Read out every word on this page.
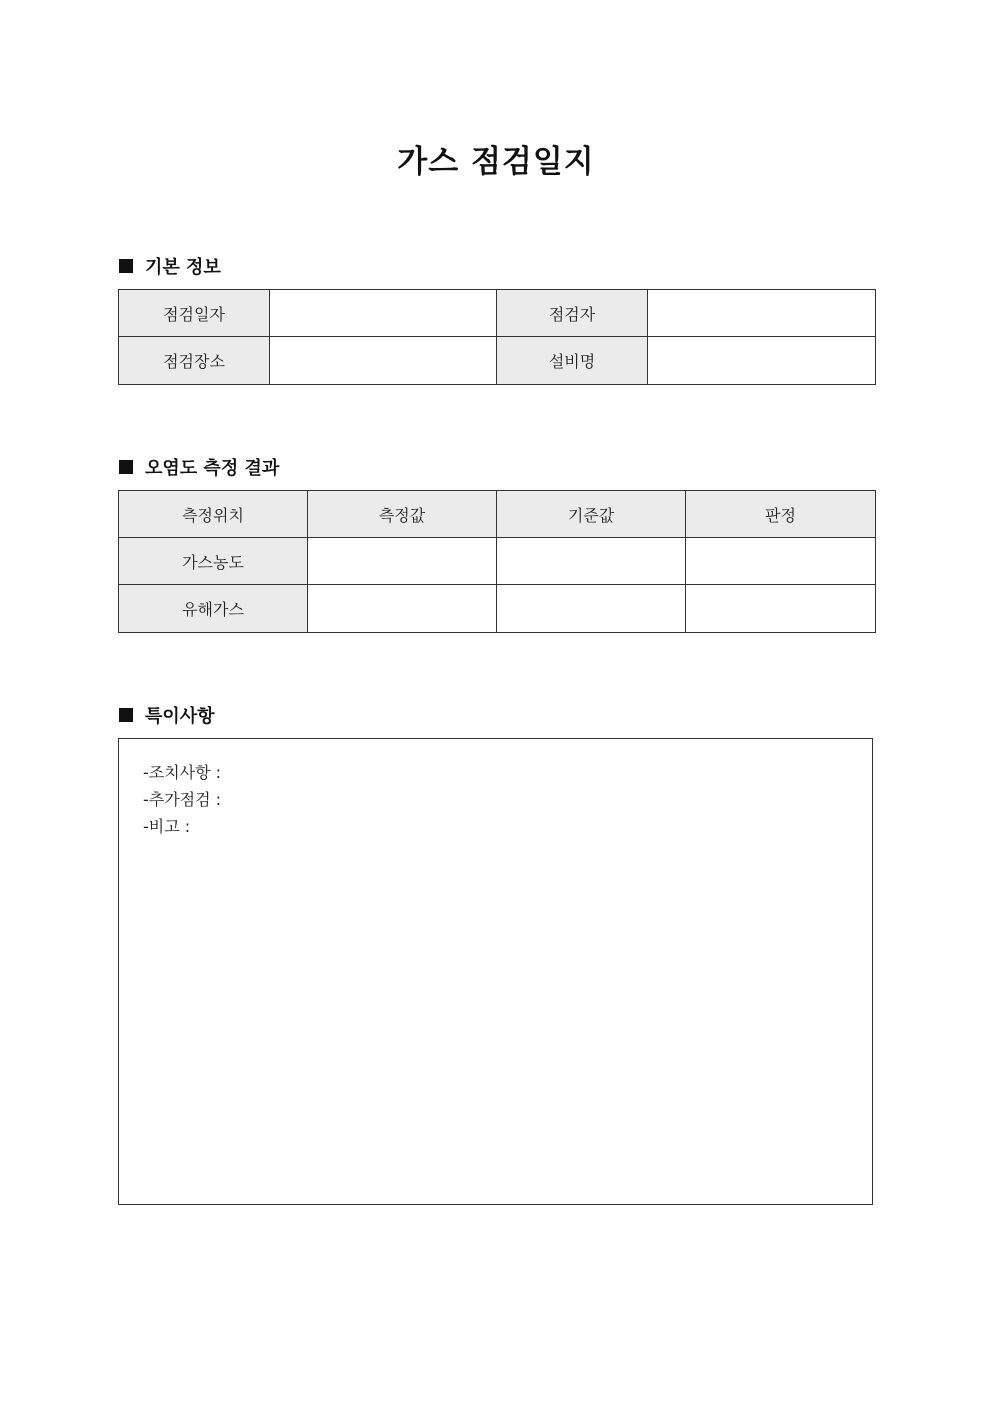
가스 점검일지
기본 정보
점검일자		점검자	
점검장소		설비명	
오염도 측정 결과
측정위치	측정값	기준값	판정
가스농도			
유해가스			
특이사항
-조치사항 :
-추가점검 :
-비고 :
